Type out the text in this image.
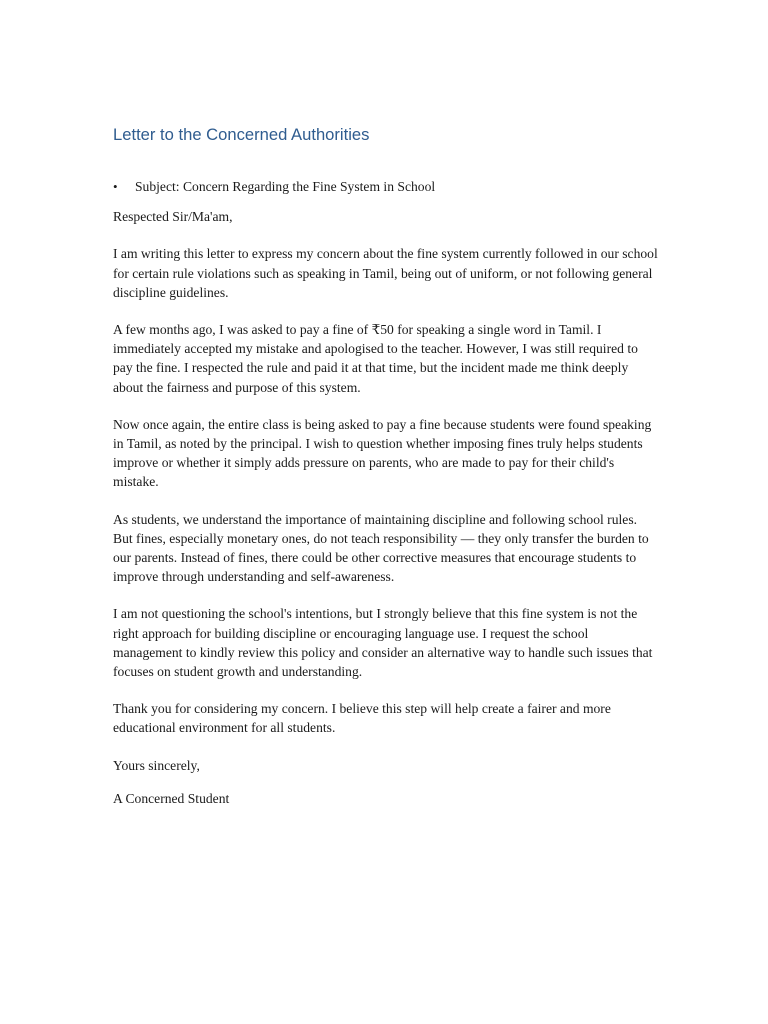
Letter to the Concerned Authorities
•	Subject: Concern Regarding the Fine System in School

Respected Sir/Ma'am,

I am writing this letter to express my concern about the fine system currently followed in our school for certain rule violations such as speaking in Tamil, being out of uniform, or not following general discipline guidelines.

A few months ago, I was asked to pay a fine of ₹50 for speaking a single word in Tamil. I immediately accepted my mistake and apologised to the teacher. However, I was still required to pay the fine. I respected the rule and paid it at that time, but the incident made me think deeply about the fairness and purpose of this system.

Now once again, the entire class is being asked to pay a fine because students were found speaking in Tamil, as noted by the principal. I wish to question whether imposing fines truly helps students improve or whether it simply adds pressure on parents, who are made to pay for their child's mistake.

As students, we understand the importance of maintaining discipline and following school rules. But fines, especially monetary ones, do not teach responsibility — they only transfer the burden to our parents. Instead of fines, there could be other corrective measures that encourage students to improve through understanding and self-awareness.

I am not questioning the school's intentions, but I strongly believe that this fine system is not the right approach for building discipline or encouraging language use. I request the school management to kindly review this policy and consider an alternative way to handle such issues that focuses on student growth and understanding.

Thank you for considering my concern. I believe this step will help create a fairer and more educational environment for all students.

Yours sincerely,

A Concerned Student
